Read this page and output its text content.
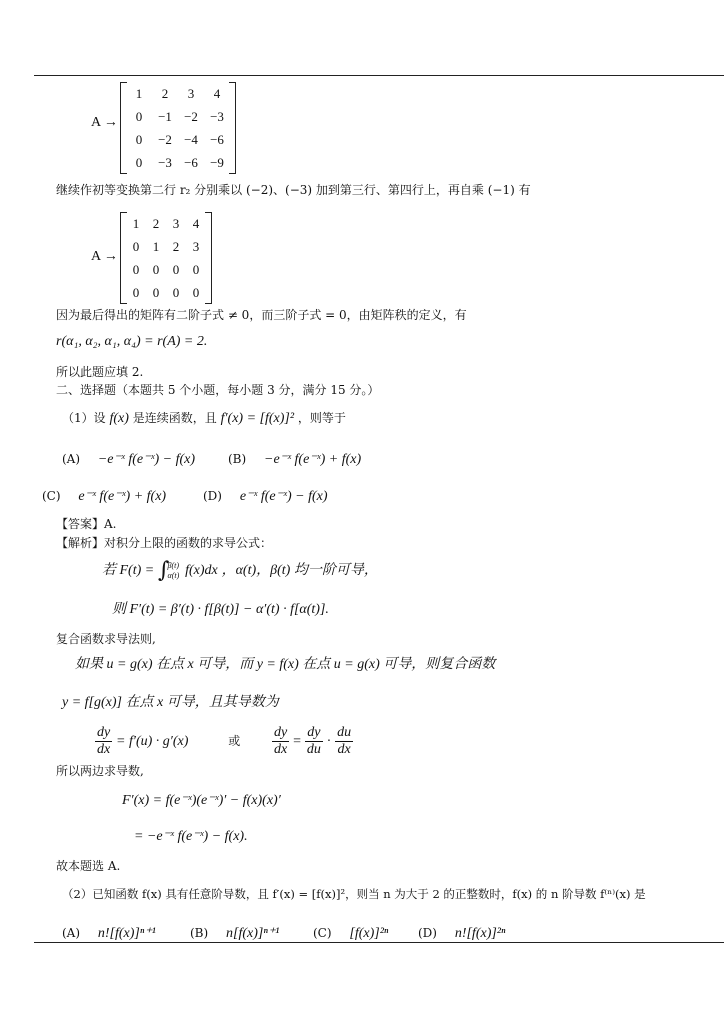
A →
1	2	3	4
0	−1	−2	−3
0	−2	−4	−6
0	−3	−6	−9
继续作初等变换第二行 r₂ 分别乘以 (−2)、(−3) 加到第三行、第四行上，再自乘 (−1) 有
A →
1	2	3	4
0	1	2	3
0	0	0	0
0	0	0	0
因为最后得出的矩阵有二阶子式 ≠ 0，而三阶子式 = 0，由矩阵秩的定义，有
r(α₁, α₂, α₁, α₄) = r(A) = 2.
所以此题应填 2.
二、选择题（本题共 5 个小题，每小题 3 分，满分 15 分。）
（1）设 f(x) 是连续函数，且 f′(x) = [f(x)]² ，则等于
(A) −e⁻ˣ f(e⁻ˣ) − f(x)	(B) −e⁻ˣ f(e⁻ˣ) + f(x)
(C) e⁻ˣ f(e⁻ˣ) + f(x)	(D) e⁻ˣ f(e⁻ˣ) − f(x)
【答案】A.
【解析】对积分上限的函数的求导公式：
若 F(t) = ∫β(t)
α(t) f(x)dx ，α(t)，β(t) 均一阶可导，
则 F′(t) = β′(t) · f[β(t)] − α′(t) · f[α(t)].
复合函数求导法则,
如果 u = g(x) 在点 x 可导，而 y = f(x) 在点 u = g(x) 可导，则复合函数
y = f[g(x)] 在点 x 可导，且其导数为
$\frac{dy}{dx} = f'(u) \cdot g'(x)$	或 $\frac{dy}{dx} = \frac{dy}{du} \cdot \frac{du}{dx}$
所以两边求导数,
F′(x) = f(e⁻ˣ)(e⁻ˣ)′ − f(x)(x)′
= −e⁻ˣ f(e⁻ˣ) − f(x).
故本题选 A.
（2）已知函数 f(x) 具有任意阶导数，且 f′(x) = [f(x)]²，则当 n 为大于 2 的正整数时，f(x) 的 n 阶导数 f⁽ⁿ⁾(x) 是
(A) n![f(x)]ⁿ⁺¹	(B) n[f(x)]ⁿ⁺¹	(C) [f(x)]²ⁿ (D) n![f(x)]²ⁿ
